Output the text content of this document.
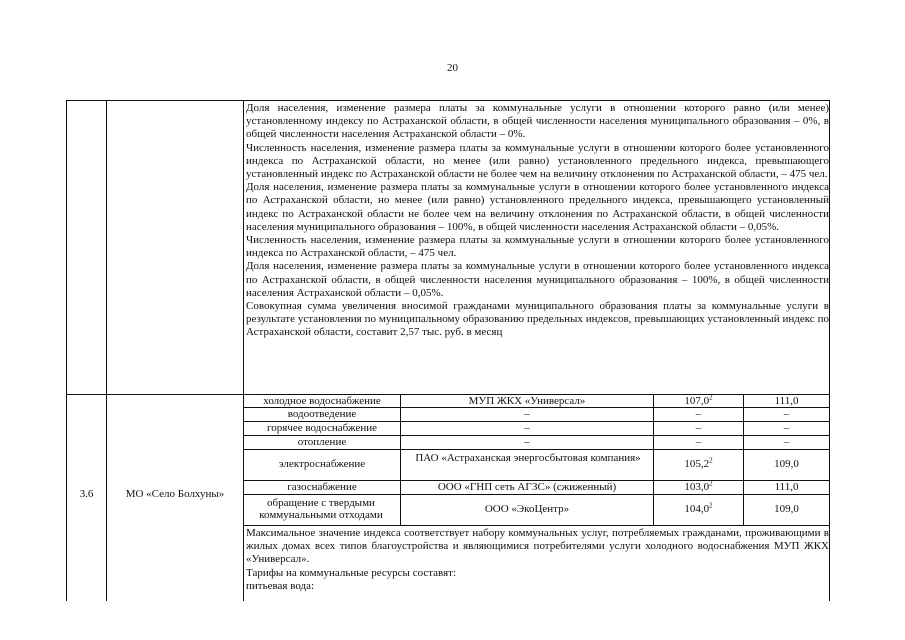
20

Доля населения, изменение размера платы за коммунальные услуги в отношении которого равно (или менее) установленному индексу по Астраханской области, в общей численности населения муниципального образования – 0%, в общей численности населения Астраханской области – 0%.

Численность населения, изменение размера платы за коммунальные услуги в отношении которого более установленного индекса по Астраханской области, но менее (или равно) установленного предельного индекса, превышающего установленный индекс по Астраханской области не более чем на величину отклонения по Астраханской области, – 475 чел.

Доля населения, изменение размера платы за коммунальные услуги в отношении которого более установленного индекса по Астраханской области, но менее (или равно) установленного предельного индекса, превышающего установленный индекс по Астраханской области не более чем на величину отклонения по Астраханской области, в общей численности населения муниципального образования – 100%, в общей численности населения Астраханской области – 0,05%.

Численность населения, изменение размера платы за коммунальные услуги в отношении которого более установленного индекса по Астраханской области, – 475 чел.

Доля населения, изменение размера платы за коммунальные услуги в отношении которого более установленного индекса по Астраханской области, в общей численности населения муниципального образования – 100%, в общей численности населения Астраханской области – 0,05%.

Совокупная сумма увеличения вносимой гражданами муниципального образования платы за коммунальные услуги в результате установления по муниципальному образованию предельных индексов, превышающих установленный индекс по Астраханской области, составит 2,57 тыс. руб. в месяц

3.6	МО «Село Болхуны»
холодное водоснабжение	МУП ЖКХ «Универсал»	107,0$^2$	111,0
водоотведение	–	–	–
горячее водоснабжение	–	–	–
отопление	–	–	–
электроснабжение	ПАО «Астраханская энергосбытовая компания»	105,2$^2$	109,0
газоснабжение	ООО «ГНП сеть АГЗС» (сжиженный)	103,0$^2$	111,0
обращение с твердыми коммунальными отходами	ООО «ЭкоЦентр»	104,0$^2$	109,0

Максимальное значение индекса соответствует набору коммунальных услуг, потребляемых гражданами, проживающими в жилых домах всех типов благоустройства и являющимися потребителями услуги холодного водоснабжения МУП ЖКХ «Универсал».

Тарифы на коммунальные ресурсы составят:

питьевая вода:
